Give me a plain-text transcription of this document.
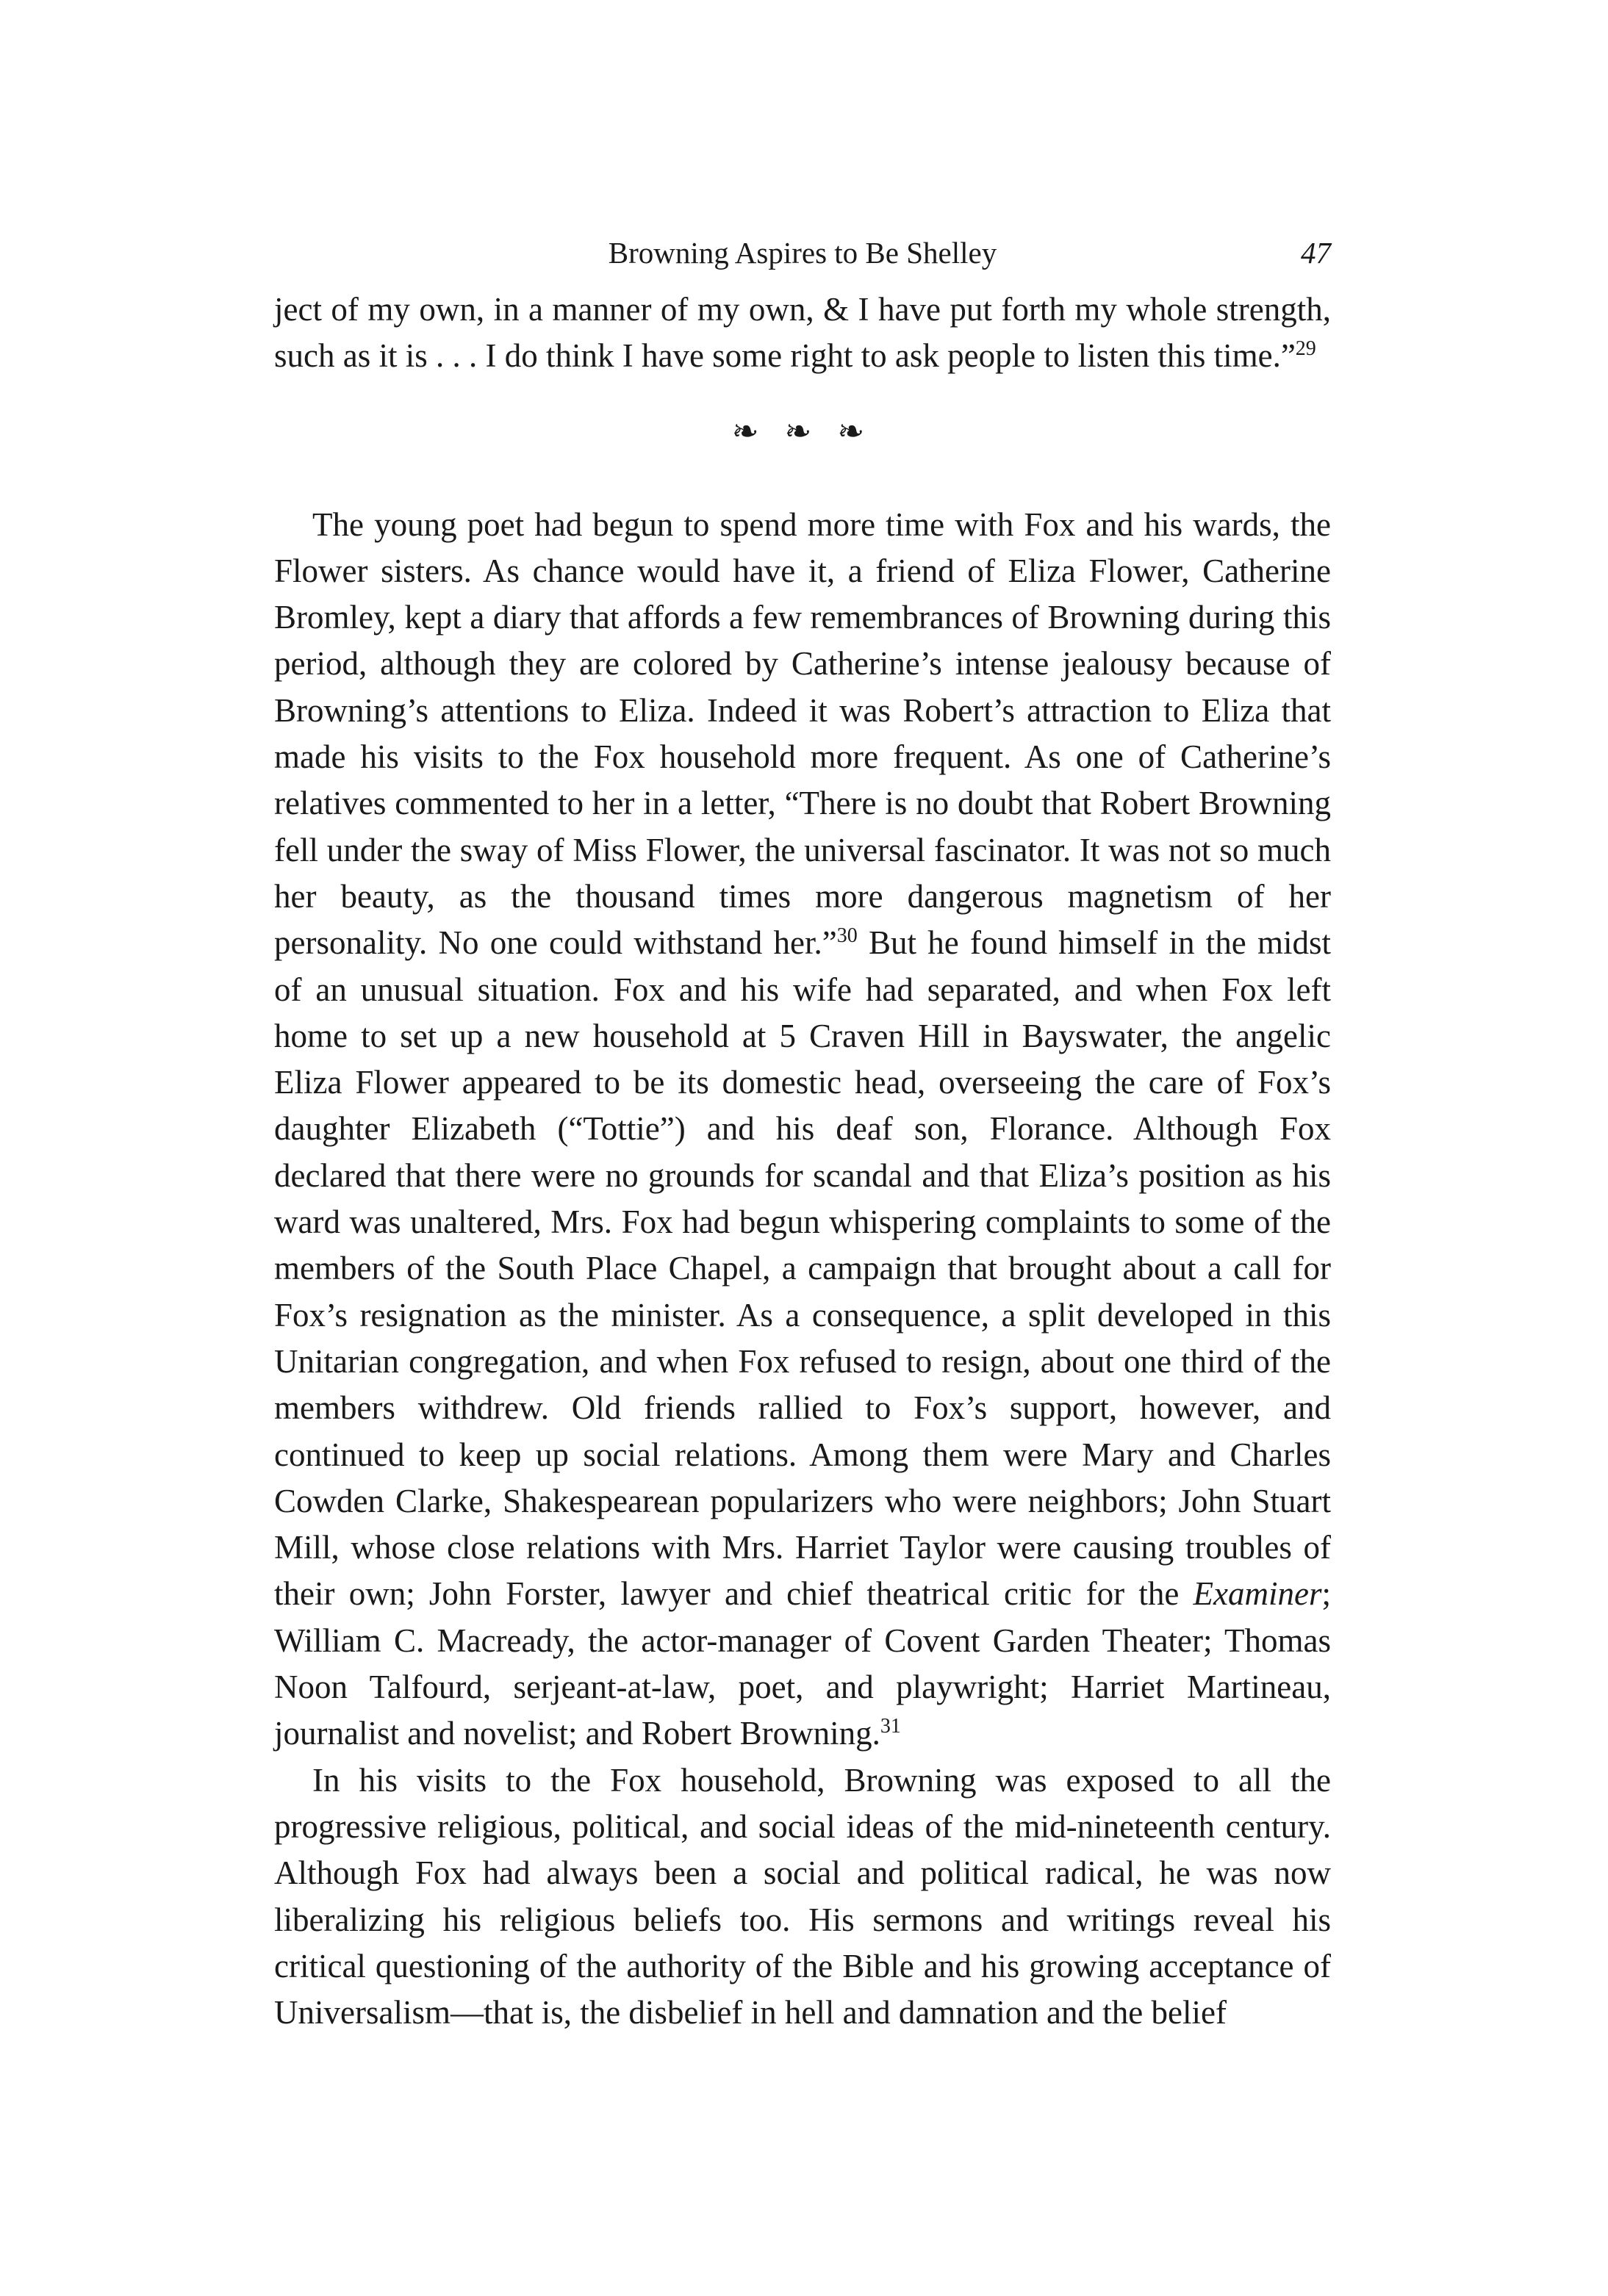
Browning Aspires to Be Shelley	47

ject of my own, in a manner of my own, & I have put forth my whole strength, such as it is . . . I do think I have some right to ask people to listen this time.”$^{29}$

❧ ❧ ❧

The young poet had begun to spend more time with Fox and his wards, the Flower sisters. As chance would have it, a friend of Eliza Flower, Catherine Bromley, kept a diary that affords a few remembrances of Browning during this period, although they are colored by Catherine’s intense jealousy because of Browning’s attentions to Eliza. Indeed it was Robert’s attraction to Eliza that made his visits to the Fox household more frequent. As one of Catherine’s relatives commented to her in a letter, “There is no doubt that Robert Browning fell under the sway of Miss Flower, the universal fascinator. It was not so much her beauty, as the thousand times more dangerous magnetism of her personality. No one could withstand her.”$^{30}$ But he found himself in the midst of an unusual situation. Fox and his wife had separated, and when Fox left home to set up a new household at 5 Craven Hill in Bayswater, the angelic Eliza Flower appeared to be its domestic head, overseeing the care of Fox’s daughter Elizabeth (“Tottie”) and his deaf son, Florance. Although Fox declared that there were no grounds for scandal and that Eliza’s position as his ward was unaltered, Mrs. Fox had begun whispering complaints to some of the members of the South Place Chapel, a campaign that brought about a call for Fox’s resignation as the minister. As a consequence, a split developed in this Unitarian congregation, and when Fox refused to resign, about one third of the members withdrew. Old friends rallied to Fox’s support, however, and continued to keep up social relations. Among them were Mary and Charles Cowden Clarke, Shakespearean popularizers who were neighbors; John Stuart Mill, whose close relations with Mrs. Harriet Taylor were causing troubles of their own; John Forster, lawyer and chief theatrical critic for the Examiner; William C. Macready, the actor-manager of Covent Garden Theater; Thomas Noon Talfourd, serjeant-at-law, poet, and playwright; Harriet Martineau, journalist and novelist; and Robert Browning.$^{31}$

In his visits to the Fox household, Browning was exposed to all the progressive religious, political, and social ideas of the mid-nineteenth century. Although Fox had always been a social and political radical, he was now liberalizing his religious beliefs too. His sermons and writings reveal his critical questioning of the authority of the Bible and his growing acceptance of Universalism—that is, the disbelief in hell and damnation and the belief
